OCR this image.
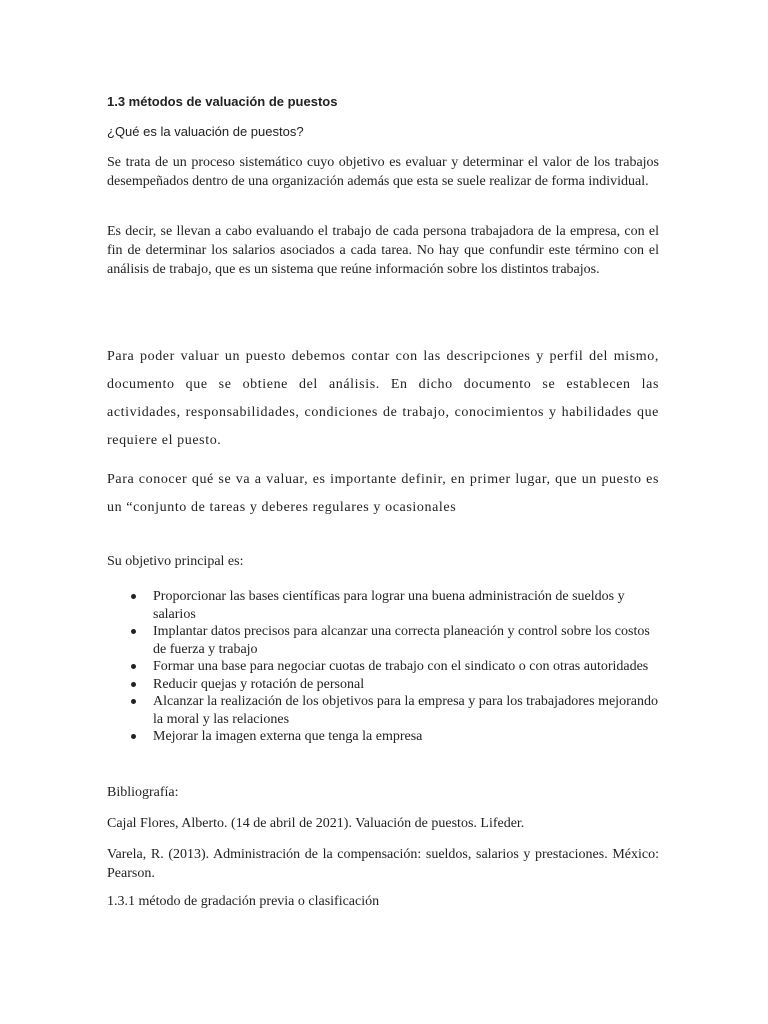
1.3 métodos de valuación de puestos

¿Qué es la valuación de puestos?

Se trata de un proceso sistemático cuyo objetivo es evaluar y determinar el valor de los trabajos desempeñados dentro de una organización además que esta se suele realizar de forma individual.

Es decir, se llevan a cabo evaluando el trabajo de cada persona trabajadora de la empresa, con el fin de determinar los salarios asociados a cada tarea. No hay que confundir este término con el análisis de trabajo, que es un sistema que reúne información sobre los distintos trabajos.

Para poder valuar un puesto debemos contar con las descripciones y perfil del mismo, documento que se obtiene del análisis. En dicho documento se establecen las actividades, responsabilidades, condiciones de trabajo, conocimientos y habilidades que requiere el puesto.

Para conocer qué se va a valuar, es importante definir, en primer lugar, que un puesto es un “conjunto de tareas y deberes regulares y ocasionales

Su objetivo principal es:

Proporcionar las bases científicas para lograr una buena administración de sueldos y salarios
Implantar datos precisos para alcanzar una correcta planeación y control sobre los costos de fuerza y trabajo
Formar una base para negociar cuotas de trabajo con el sindicato o con otras autoridades
Reducir quejas y rotación de personal
Alcanzar la realización de los objetivos para la empresa y para los trabajadores mejorando la moral y las relaciones
Mejorar la imagen externa que tenga la empresa

Bibliografía:

Cajal Flores, Alberto. (14 de abril de 2021). Valuación de puestos. Lifeder.

Varela, R. (2013). Administración de la compensación: sueldos, salarios y prestaciones. México: Pearson.

1.3.1 método de gradación previa o clasificación
